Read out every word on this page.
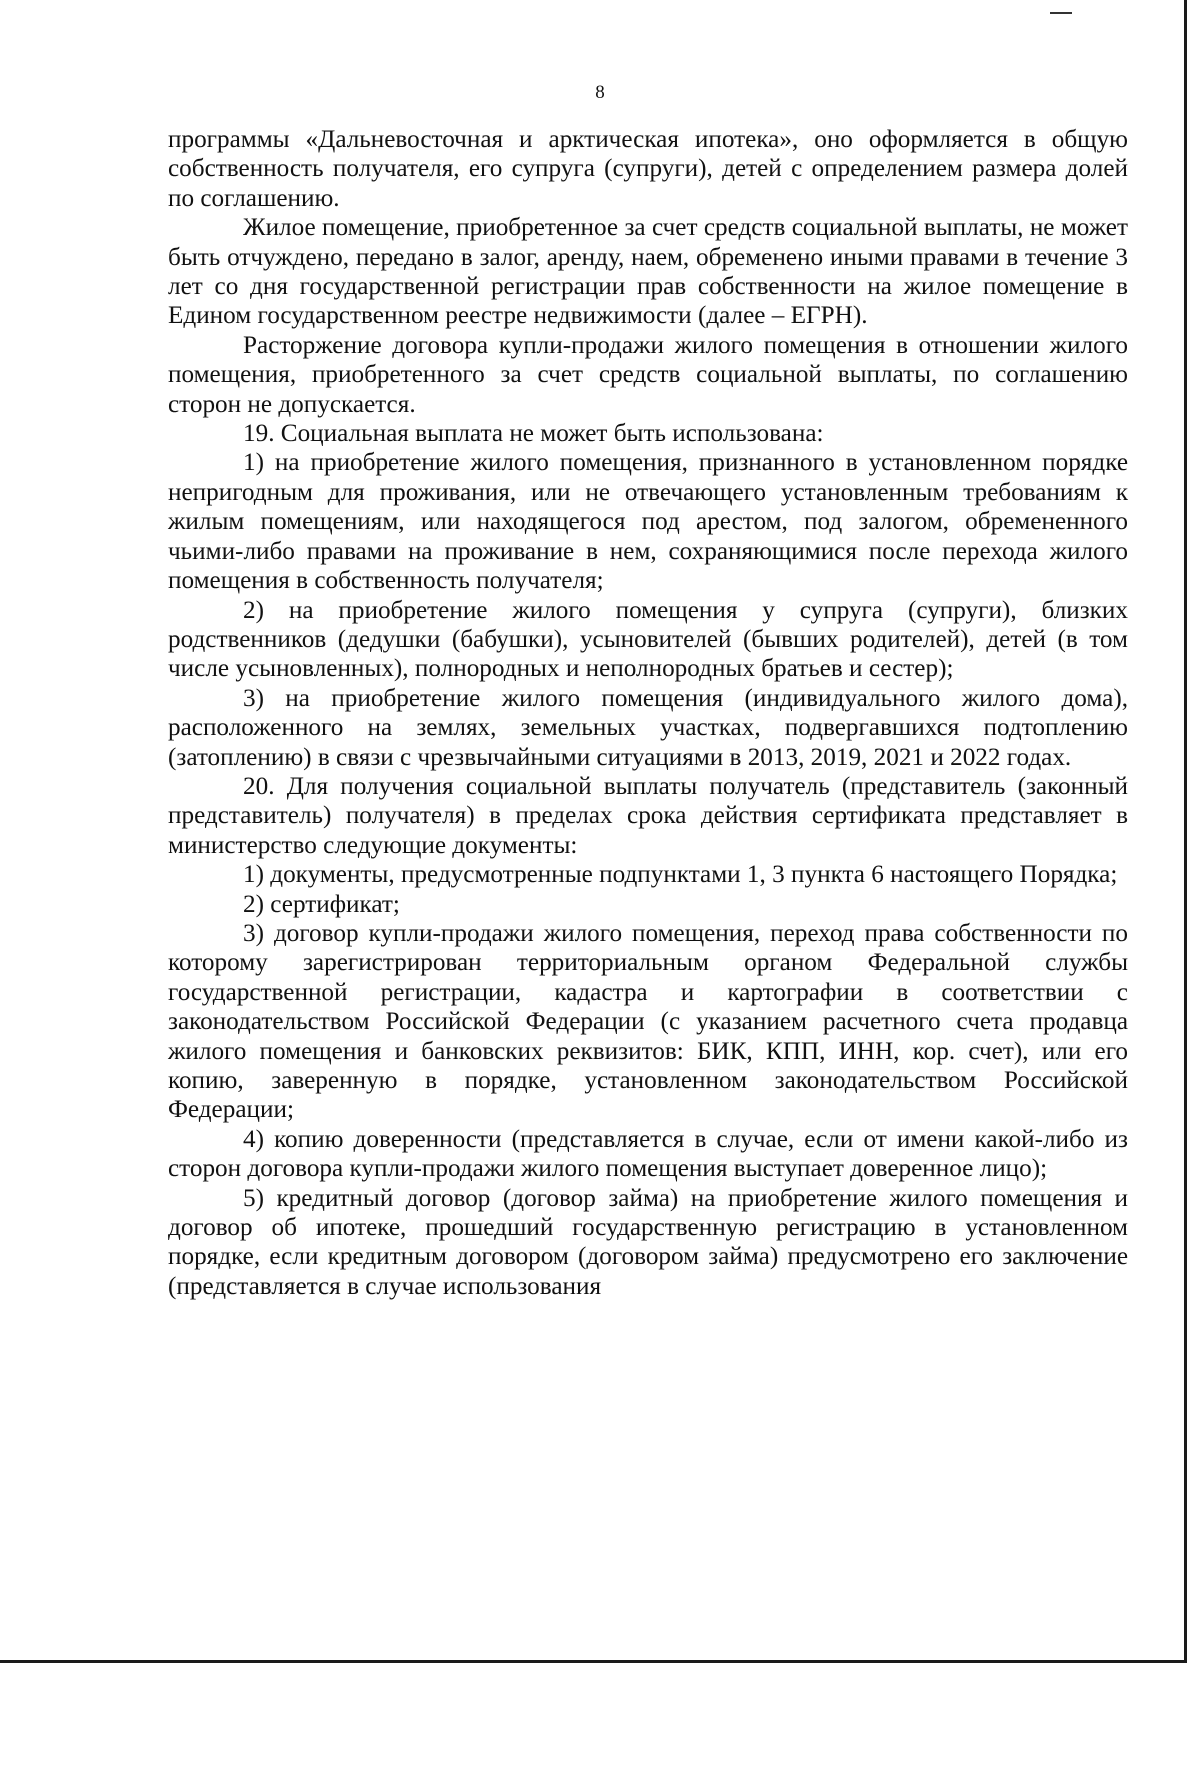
8

программы «Дальневосточная и арктическая ипотека», оно оформляется в общую собственность получателя, его супруга (супруги), детей с определением размера долей по соглашению.

Жилое помещение, приобретенное за счет средств социальной выплаты, не может быть отчуждено, передано в залог, аренду, наем, обременено иными правами в течение 3 лет со дня государственной регистрации прав собственности на жилое помещение в Едином государственном реестре недвижимости (далее – ЕГРН).

Расторжение договора купли-продажи жилого помещения в отношении жилого помещения, приобретенного за счет средств социальной выплаты, по соглашению сторон не допускается.

19. Социальная выплата не может быть использована:

1) на приобретение жилого помещения, признанного в установленном порядке непригодным для проживания, или не отвечающего установленным требованиям к жилым помещениям, или находящегося под арестом, под залогом, обремененного чьими-либо правами на проживание в нем, сохраняющимися после перехода жилого помещения в собственность получателя;

2) на приобретение жилого помещения у супруга (супруги), близких родственников (дедушки (бабушки), усыновителей (бывших родителей), детей (в том числе усыновленных), полнородных и неполнородных братьев и сестер);

3) на приобретение жилого помещения (индивидуального жилого дома), расположенного на землях, земельных участках, подвергавшихся подтоплению (затоплению) в связи с чрезвычайными ситуациями в 2013, 2019, 2021 и 2022 годах.

20. Для получения социальной выплаты получатель (представитель (законный представитель) получателя) в пределах срока действия сертификата представляет в министерство следующие документы:

1) документы, предусмотренные подпунктами 1, 3 пункта 6 настоящего Порядка;

2) сертификат;

3) договор купли-продажи жилого помещения, переход права собственности по которому зарегистрирован территориальным органом Федеральной службы государственной регистрации, кадастра и картографии в соответствии с законодательством Российской Федерации (с указанием расчетного счета продавца жилого помещения и банковских реквизитов: БИК, КПП, ИНН, кор. счет), или его копию, заверенную в порядке, установленном законодательством Российской Федерации;

4) копию доверенности (представляется в случае, если от имени какой-либо из сторон договора купли-продажи жилого помещения выступает доверенное лицо);

5) кредитный договор (договор займа) на приобретение жилого помещения и договор об ипотеке, прошедший государственную регистрацию в установленном порядке, если кредитным договором (договором займа) предусмотрено его заключение (представляется в случае использования
